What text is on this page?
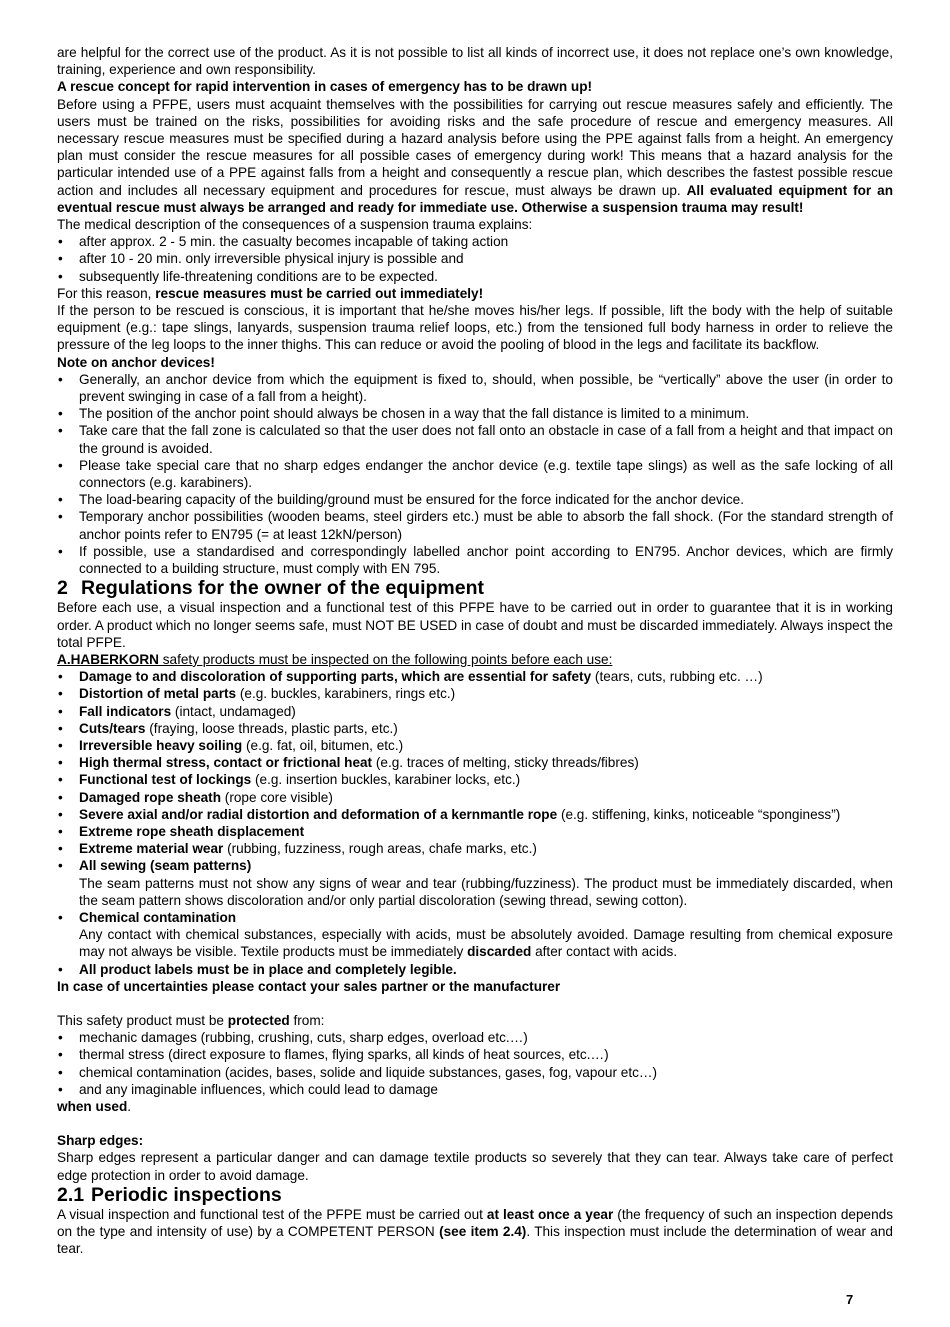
are helpful for the correct use of the product. As it is not possible to list all kinds of incorrect use, it does not replace one’s own knowledge, training, experience and own responsibility.

A rescue concept for rapid intervention in cases of emergency has to be drawn up!

Before using a PFPE, users must acquaint themselves with the possibilities for carrying out rescue measures safely and efficiently. The users must be trained on the risks, possibilities for avoiding risks and the safe procedure of rescue and emergency measures. All necessary rescue measures must be specified during a hazard analysis before using the PPE against falls from a height. An emergency plan must consider the rescue measures for all possible cases of emergency during work! This means that a hazard analysis for the particular intended use of a PPE against falls from a height and consequently a rescue plan, which describes the fastest possible rescue action and includes all necessary equipment and procedures for rescue, must always be drawn up. All evaluated equipment for an eventual rescue must always be arranged and ready for immediate use. Otherwise a suspension trauma may result!

The medical description of the consequences of a suspension trauma explains:

• after approx. 2 - 5 min. the casualty becomes incapable of taking action
• after 10 - 20 min. only irreversible physical injury is possible and
• subsequently life-threatening conditions are to be expected.

For this reason, rescue measures must be carried out immediately!

If the person to be rescued is conscious, it is important that he/she moves his/her legs. If possible, lift the body with the help of suitable equipment (e.g.: tape slings, lanyards, suspension trauma relief loops, etc.) from the tensioned full body harness in order to relieve the pressure of the leg loops to the inner thighs. This can reduce or avoid the pooling of blood in the legs and facilitate its backflow.

Note on anchor devices!

• Generally, an anchor device from which the equipment is fixed to, should, when possible, be “vertically” above the user (in order to prevent swinging in case of a fall from a height).
• The position of the anchor point should always be chosen in a way that the fall distance is limited to a minimum.
• Take care that the fall zone is calculated so that the user does not fall onto an obstacle in case of a fall from a height and that impact on the ground is avoided.
• Please take special care that no sharp edges endanger the anchor device (e.g. textile tape slings) as well as the safe locking of all connectors (e.g. karabiners).
• The load-bearing capacity of the building/ground must be ensured for the force indicated for the anchor device.
• Temporary anchor possibilities (wooden beams, steel girders etc.) must be able to absorb the fall shock. (For the standard strength of anchor points refer to EN795 (= at least 12kN/person)
• If possible, use a standardised and correspondingly labelled anchor point according to EN795. Anchor devices, which are firmly connected to a building structure, must comply with EN 795.
2 Regulations for the owner of the equipment

Before each use, a visual inspection and a functional test of this PFPE have to be carried out in order to guarantee that it is in working order. A product which no longer seems safe, must NOT BE USED in case of doubt and must be discarded immediately. Always inspect the total PFPE.

A.HABERKORN safety products must be inspected on the following points before each use:

• Damage to and discoloration of supporting parts, which are essential for safety (tears, cuts, rubbing etc. …)
• Distortion of metal parts (e.g. buckles, karabiners, rings etc.)
• Fall indicators (intact, undamaged)
• Cuts/tears (fraying, loose threads, plastic parts, etc.)
• Irreversible heavy soiling (e.g. fat, oil, bitumen, etc.)
• High thermal stress, contact or frictional heat (e.g. traces of melting, sticky threads/fibres)
• Functional test of lockings (e.g. insertion buckles, karabiner locks, etc.)
• Damaged rope sheath (rope core visible)
• Severe axial and/or radial distortion and deformation of a kernmantle rope (e.g. stiffening, kinks, noticeable “sponginess”)
• Extreme rope sheath displacement
• Extreme material wear (rubbing, fuzziness, rough areas, chafe marks, etc.)
• All sewing (seam patterns)
The seam patterns must not show any signs of wear and tear (rubbing/fuzziness). The product must be immediately discarded, when the seam pattern shows discoloration and/or only partial discoloration (sewing thread, sewing cotton).
• Chemical contamination
Any contact with chemical substances, especially with acids, must be absolutely avoided. Damage resulting from chemical exposure may not always be visible. Textile products must be immediately discarded after contact with acids.
• All product labels must be in place and completely legible.

In case of uncertainties please contact your sales partner or the manufacturer

This safety product must be protected from:

• mechanic damages (rubbing, crushing, cuts, sharp edges, overload etc.…)
• thermal stress (direct exposure to flames, flying sparks, all kinds of heat sources, etc.…)
• chemical contamination (acides, bases, solide and liquide substances, gases, fog, vapour etc…)
• and any imaginable influences, which could lead to damage

when used.

Sharp edges:

Sharp edges represent a particular danger and can damage textile products so severely that they can tear. Always take care of perfect edge protection in order to avoid damage.

2.1 Periodic inspections

A visual inspection and functional test of the PFPE must be carried out at least once a year (the frequency of such an inspection depends on the type and intensity of use) by a COMPETENT PERSON (see item 2.4). This inspection must include the determination of wear and tear.

7
